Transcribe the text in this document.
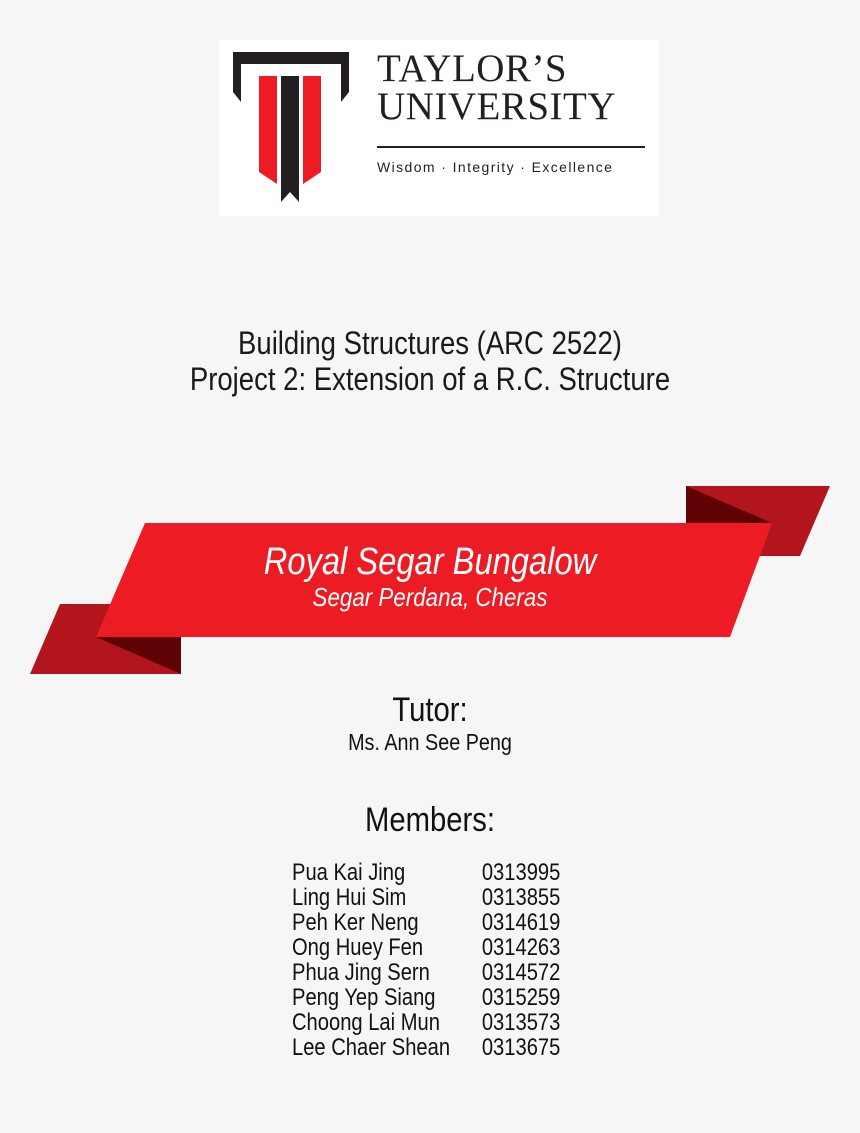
TAYLOR’S
UNIVERSITY
Wisdom · Integrity · Excellence
Building Structures (ARC 2522)
Project 2: Extension of a R.C. Structure
Royal Segar Bungalow
Segar Perdana, Cheras
Tutor:
Ms. Ann See Peng
Members:
Pua Kai Jing	0313995
Ling Hui Sim	0313855
Peh Ker Neng	0314619
Ong Huey Fen 0314263
Phua Jing Sern 0314572
Peng Yep Siang 0315259
Choong Lai Mun 0313573
Lee Chaer Shean 0313675
